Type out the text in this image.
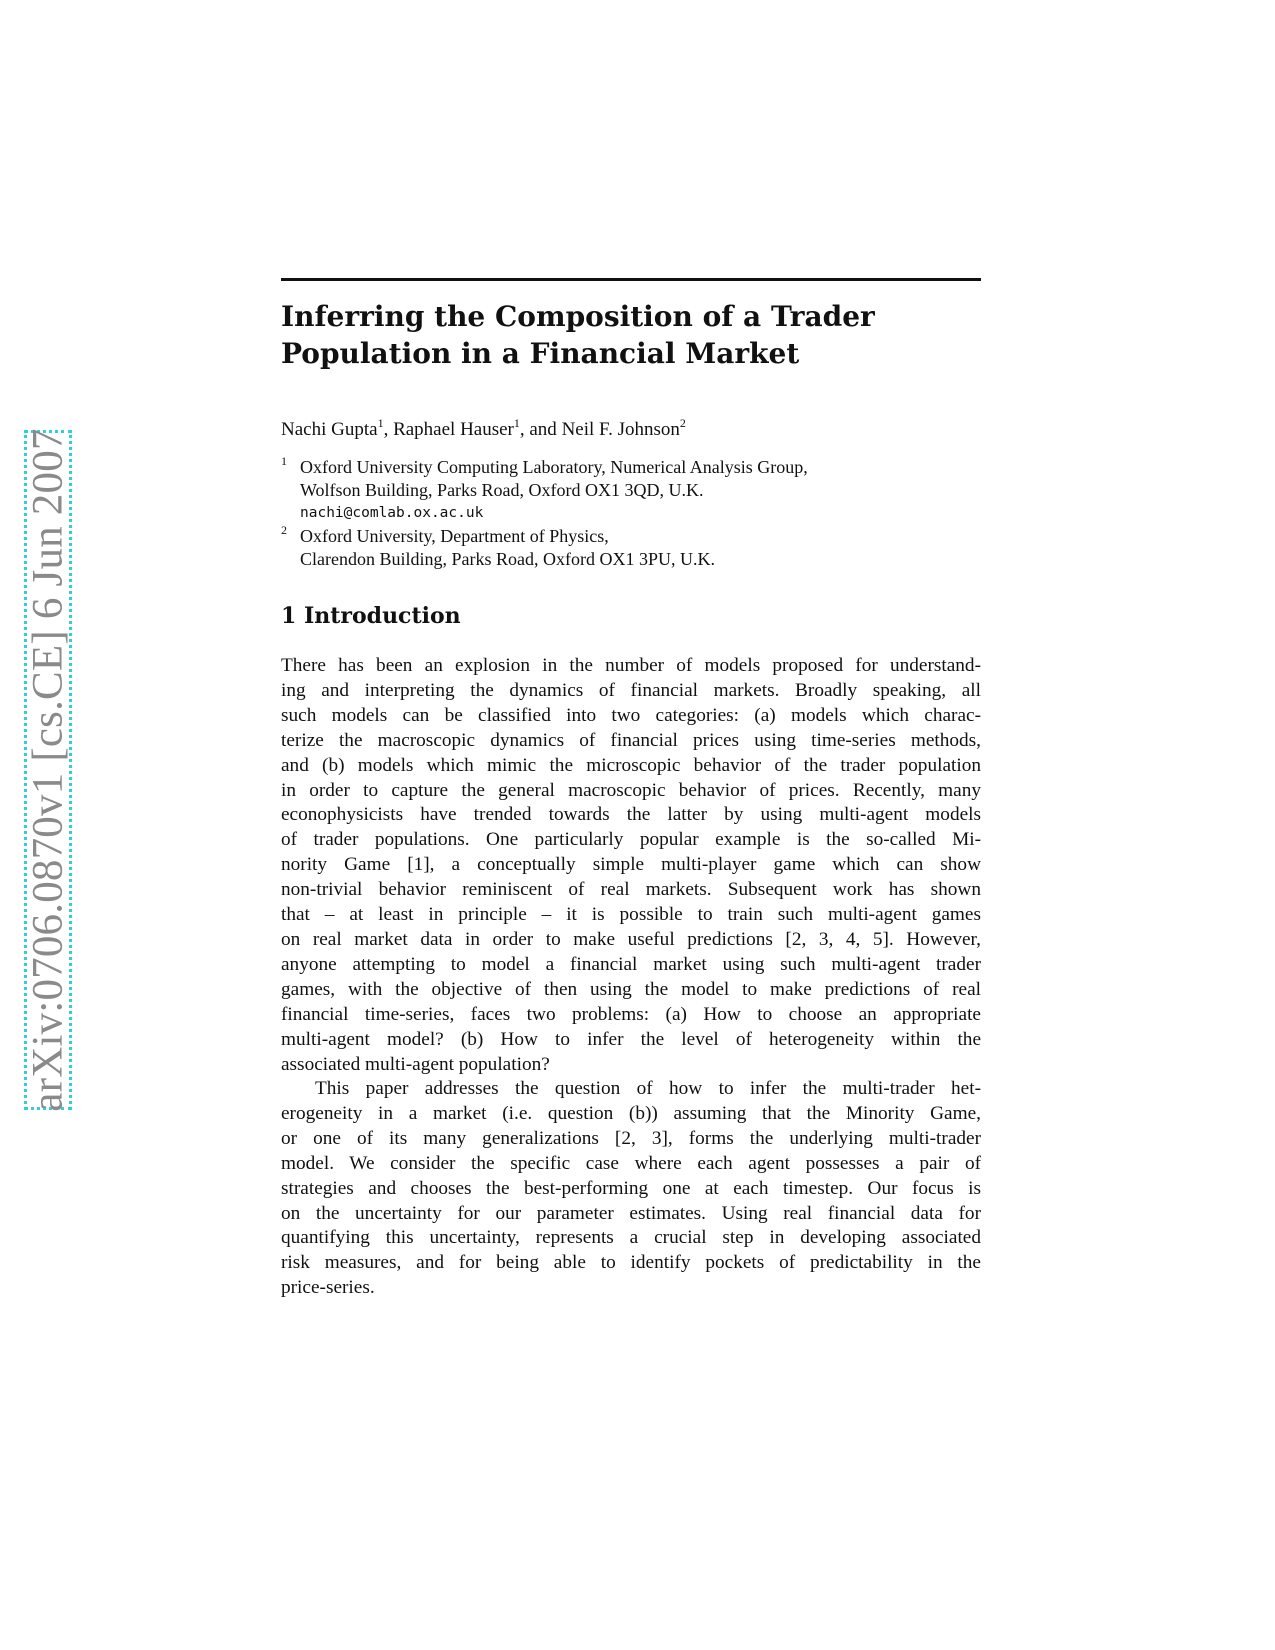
arXiv:0706.0870v1 [cs.CE] 6 Jun 2007
Inferring the Composition of a Trader Population in a Financial Market
Nachi Gupta$^1$, Raphael Hauser$^1$, and Neil F. Johnson$^2$
1 Oxford University Computing Laboratory, Numerical Analysis Group,
Wolfson Building, Parks Road, Oxford OX1 3QD, U.K.
nachi@comlab.ox.ac.uk
2 Oxford University, Department of Physics,
Clarendon Building, Parks Road, Oxford OX1 3PU, U.K.
1 Introduction
There has been an explosion in the number of models proposed for understand-
ing and interpreting the dynamics of financial markets. Broadly speaking, all
such models can be classified into two categories: (a) models which charac-
terize the macroscopic dynamics of financial prices using time-series methods,
and (b) models which mimic the microscopic behavior of the trader population
in order to capture the general macroscopic behavior of prices. Recently, many
econophysicists have trended towards the latter by using multi-agent models
of trader populations. One particularly popular example is the so-called Mi-
nority Game [1], a conceptually simple multi-player game which can show
non-trivial behavior reminiscent of real markets. Subsequent work has shown
that – at least in principle – it is possible to train such multi-agent games
on real market data in order to make useful predictions [2, 3, 4, 5]. However,
anyone attempting to model a financial market using such multi-agent trader
games, with the objective of then using the model to make predictions of real
financial time-series, faces two problems: (a) How to choose an appropriate
multi-agent model? (b) How to infer the level of heterogeneity within the
associated multi-agent population?
This paper addresses the question of how to infer the multi-trader het-
erogeneity in a market (i.e. question (b)) assuming that the Minority Game,
or one of its many generalizations [2, 3], forms the underlying multi-trader
model. We consider the specific case where each agent possesses a pair of
strategies and chooses the best-performing one at each timestep. Our focus is
on the uncertainty for our parameter estimates. Using real financial data for
quantifying this uncertainty, represents a crucial step in developing associated
risk measures, and for being able to identify pockets of predictability in the
price-series.
